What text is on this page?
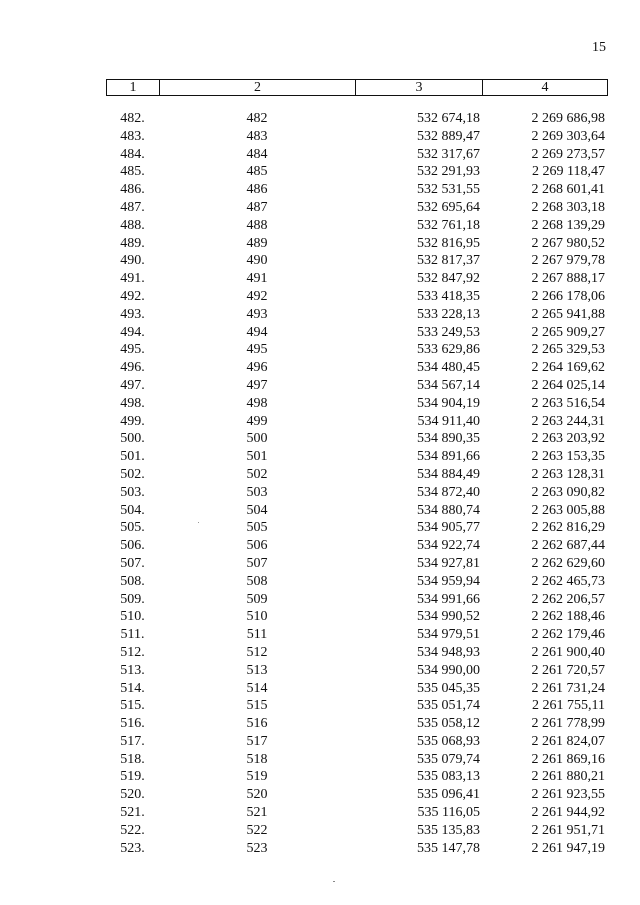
15
1	2	3	4
482.	482	532 674,18	2 269 686,98
483.	483	532 889,47	2 269 303,64
484.	484	532 317,67	2 269 273,57
485.	485	532 291,93	2 269 118,47
486.	486	532 531,55	2 268 601,41
487.	487	532 695,64	2 268 303,18
488.	488	532 761,18	2 268 139,29
489.	489	532 816,95	2 267 980,52
490.	490	532 817,37	2 267 979,78
491.	491	532 847,92	2 267 888,17
492.	492	533 418,35	2 266 178,06
493.	493	533 228,13	2 265 941,88
494.	494	533 249,53	2 265 909,27
495.	495	533 629,86	2 265 329,53
496.	496	534 480,45	2 264 169,62
497.	497	534 567,14	2 264 025,14
498.	498	534 904,19	2 263 516,54
499.	499	534 911,40	2 263 244,31
500.	500	534 890,35	2 263 203,92
501.	501	534 891,66	2 263 153,35
502.	502	534 884,49	2 263 128,31
503.	503	534 872,40	2 263 090,82
504.	504	534 880,74	2 263 005,88
505.	505	534 905,77	2 262 816,29
506.	506	534 922,74	2 262 687,44
507.	507	534 927,81	2 262 629,60
508.	508	534 959,94	2 262 465,73
509.	509	534 991,66	2 262 206,57
510.	510	534 990,52	2 262 188,46
511.	511	534 979,51	2 262 179,46
512.	512	534 948,93	2 261 900,40
513.	513	534 990,00	2 261 720,57
514.	514	535 045,35	2 261 731,24
515.	515	535 051,74	2 261 755,11
516.	516	535 058,12	2 261 778,99
517.	517	535 068,93	2 261 824,07
518.	518	535 079,74	2 261 869,16
519.	519	535 083,13	2 261 880,21
520.	520	535 096,41	2 261 923,55
521.	521	535 116,05	2 261 944,92
522.	522	535 135,83	2 261 951,71
523.	523	535 147,78	2 261 947,19
